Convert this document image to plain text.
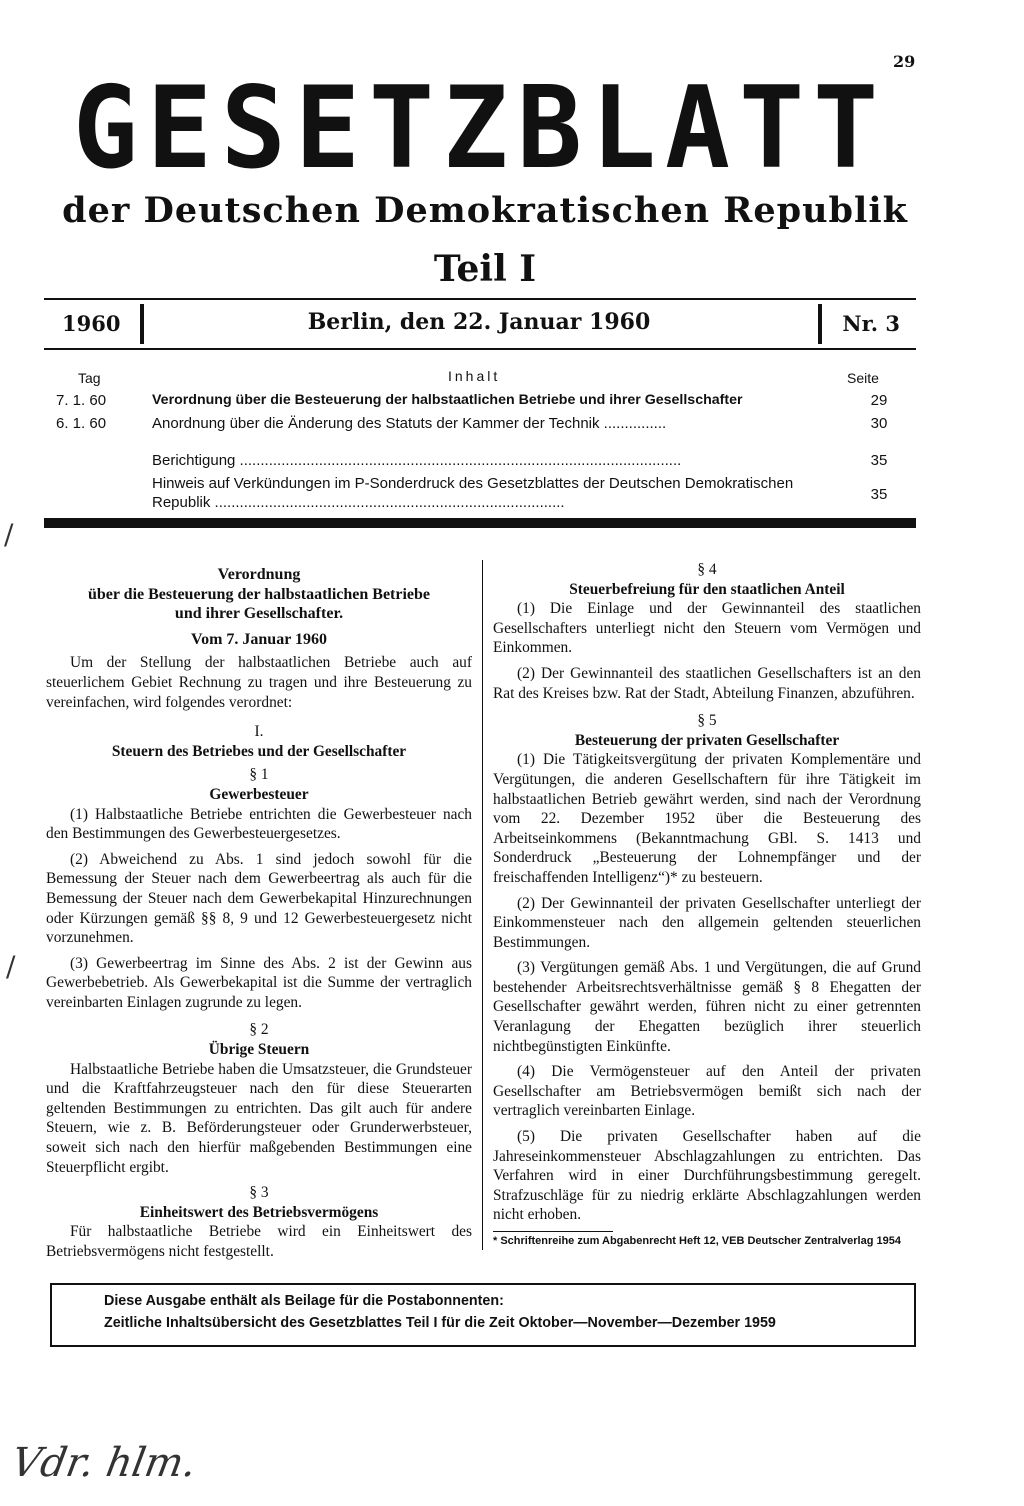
29
GESETZBLATT
der Deutschen Demokratischen Republik
Teil I
1960	Berlin, den 22. Januar 1960	Nr. 3
Tag	Inhalt	Seite
7. 1. 60	Verordnung über die Besteuerung der halbstaatlichen Betriebe und ihrer Gesellschafter	29
6. 1. 60	Anordnung über die Änderung des Statuts der Kammer der Technik ...............	30
Berichtigung ..........................................................................................................	35
Hinweis auf Verkündungen im P-Sonderdruck des Gesetzblattes der Deutschen Demokratischen Republik ....................................................................................	35

Verordnung

über die Besteuerung der halbstaatlichen Betriebe

und ihrer Gesellschafter.

Vom 7. Januar 1960

Um der Stellung der halbstaatlichen Betriebe auch auf steuerlichem Gebiet Rechnung zu tragen und ihre Besteuerung zu vereinfachen, wird folgendes verordnet:

I.

Steuern des Betriebes und der Gesellschafter

§ 1

Gewerbesteuer

(1) Halbstaatliche Betriebe entrichten die Gewerbesteuer nach den Bestimmungen des Gewerbesteuergesetzes.

(2) Abweichend zu Abs. 1 sind jedoch sowohl für die Bemessung der Steuer nach dem Gewerbeertrag als auch für die Bemessung der Steuer nach dem Gewerbekapital Hinzurechnungen oder Kürzungen gemäß §§ 8, 9 und 12 Gewerbesteuergesetz nicht vorzunehmen.

(3) Gewerbeertrag im Sinne des Abs. 2 ist der Gewinn aus Gewerbebetrieb. Als Gewerbekapital ist die Summe der vertraglich vereinbarten Einlagen zugrunde zu legen.

§ 2

Übrige Steuern

Halbstaatliche Betriebe haben die Umsatzsteuer, die Grundsteuer und die Kraftfahrzeugsteuer nach den für diese Steuerarten geltenden Bestimmungen zu entrichten. Das gilt auch für andere Steuern, wie z. B. Beförderungsteuer oder Grunderwerbsteuer, soweit sich nach den hierfür maßgebenden Bestimmungen eine Steuerpflicht ergibt.

§ 3

Einheitswert des Betriebsvermögens

Für halbstaatliche Betriebe wird ein Einheitswert des Betriebsvermögens nicht festgestellt.

§ 4

Steuerbefreiung für den staatlichen Anteil

(1) Die Einlage und der Gewinnanteil des staatlichen Gesellschafters unterliegt nicht den Steuern vom Vermögen und Einkommen.

(2) Der Gewinnanteil des staatlichen Gesellschafters ist an den Rat des Kreises bzw. Rat der Stadt, Abteilung Finanzen, abzuführen.

§ 5

Besteuerung der privaten Gesellschafter

(1) Die Tätigkeitsvergütung der privaten Komplementäre und Vergütungen, die anderen Gesellschaftern für ihre Tätigkeit im halbstaatlichen Betrieb gewährt werden, sind nach der Verordnung vom 22. Dezember 1952 über die Besteuerung des Arbeitseinkommens (Bekanntmachung GBl. S. 1413 und Sonderdruck „Besteuerung der Lohnempfänger und der freischaffenden Intelligenz“)* zu besteuern.

(2) Der Gewinnanteil der privaten Gesellschafter unterliegt der Einkommensteuer nach den allgemein geltenden steuerlichen Bestimmungen.

(3) Vergütungen gemäß Abs. 1 und Vergütungen, die auf Grund bestehender Arbeitsrechtsverhältnisse gemäß § 8 Ehegatten der Gesellschafter gewährt werden, führen nicht zu einer getrennten Veranlagung der Ehegatten bezüglich ihrer steuerlich nichtbegünstigten Einkünfte.

(4) Die Vermögensteuer auf den Anteil der privaten Gesellschafter am Betriebsvermögen bemißt sich nach der vertraglich vereinbarten Einlage.

(5) Die privaten Gesellschafter haben auf die Jahreseinkommensteuer Abschlagzahlungen zu entrichten. Das Verfahren wird in einer Durchführungsbestimmung geregelt. Strafzuschläge für zu niedrig erklärte Abschlagzahlungen werden nicht erhoben.

* Schriftenreihe zum Abgabenrecht Heft 12, VEB Deutscher Zentralverlag 1954
Diese Ausgabe enthält als Beilage für die Postabonnenten:
Zeitliche Inhaltsübersicht des Gesetzblattes Teil I für die Zeit Oktober—November—Dezember 1959
/
/
Vdr. hlm.
